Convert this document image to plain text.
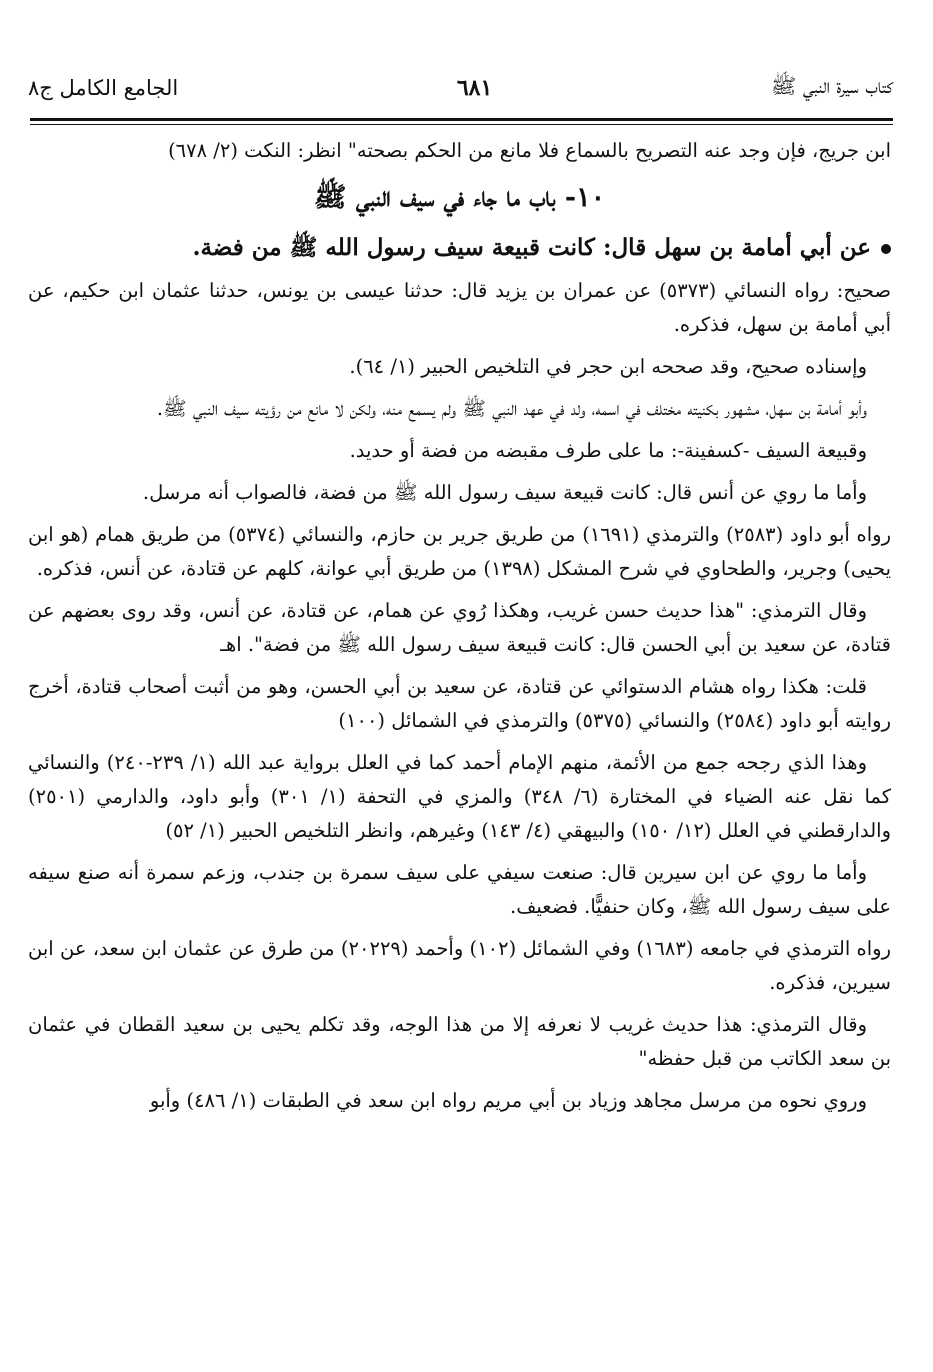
كتاب سيرة النبي ﷺ
٦٨١
الجامع الكامل ج٨

ابن جريج، فإن وجد عنه التصريح بالسماع فلا مانع من الحكم بصحته" انظر: النكت (٢/ ٦٧٨)

١٠- باب ما جاء في سيف النبي ﷺ

عن أبي أمامة بن سهل قال: كانت قبيعة سيف رسول الله ﷺ من فضة.

صحيح: رواه النسائي (٥٣٧٣) عن عمران بن يزيد قال: حدثنا عيسى بن يونس، حدثنا عثمان ابن حكيم، عن أبي أمامة بن سهل، فذكره.

وإسناده صحيح، وقد صححه ابن حجر في التلخيص الحبير (١/ ٦٤).

وأبو أمامة بن سهل، مشهور بكنيته مختلف في اسمه، ولد في عهد النبي ﷺ ولم يسمع منه، ولكن لا مانع من رؤيته سيف النبي ﷺ.

وقبيعة السيف -كسفينة-: ما على طرف مقبضه من فضة أو حديد.

وأما ما روي عن أنس قال: كانت قبيعة سيف رسول الله ﷺ من فضة، فالصواب أنه مرسل.

رواه أبو داود (٢٥٨٣) والترمذي (١٦٩١) من طريق جرير بن حازم، والنسائي (٥٣٧٤) من طريق همام (هو ابن يحيى) وجرير، والطحاوي في شرح المشكل (١٣٩٨) من طريق أبي عوانة، كلهم عن قتادة، عن أنس، فذكره.

وقال الترمذي: "هذا حديث حسن غريب، وهكذا رُوي عن همام، عن قتادة، عن أنس، وقد روى بعضهم عن قتادة، عن سعيد بن أبي الحسن قال: كانت قبيعة سيف رسول الله ﷺ من فضة". اهـ

قلت: هكذا رواه هشام الدستوائي عن قتادة، عن سعيد بن أبي الحسن، وهو من أثبت أصحاب قتادة، أخرج روايته أبو داود (٢٥٨٤) والنسائي (٥٣٧٥) والترمذي في الشمائل (١٠٠)

وهذا الذي رجحه جمع من الأئمة، منهم الإمام أحمد كما في العلل برواية عبد الله (١/ ٢٣٩-٢٤٠) والنسائي كما نقل عنه الضياء في المختارة (٦/ ٣٤٨) والمزي في التحفة (١/ ٣٠١) وأبو داود، والدارمي (٢٥٠١) والدارقطني في العلل (١٢/ ١٥٠) والبيهقي (٤/ ١٤٣) وغيرهم، وانظر التلخيص الحبير (١/ ٥٢)

وأما ما روي عن ابن سيرين قال: صنعت سيفي على سيف سمرة بن جندب، وزعم سمرة أنه صنع سيفه على سيف رسول الله ﷺ، وكان حنفيًّا. فضعيف.

رواه الترمذي في جامعه (١٦٨٣) وفي الشمائل (١٠٢) وأحمد (٢٠٢٢٩) من طرق عن عثمان ابن سعد، عن ابن سيرين، فذكره.

وقال الترمذي: هذا حديث غريب لا نعرفه إلا من هذا الوجه، وقد تكلم يحيى بن سعيد القطان في عثمان بن سعد الكاتب من قبل حفظه"

وروي نحوه من مرسل مجاهد وزياد بن أبي مريم رواه ابن سعد في الطبقات (١/ ٤٨٦) وأبو
